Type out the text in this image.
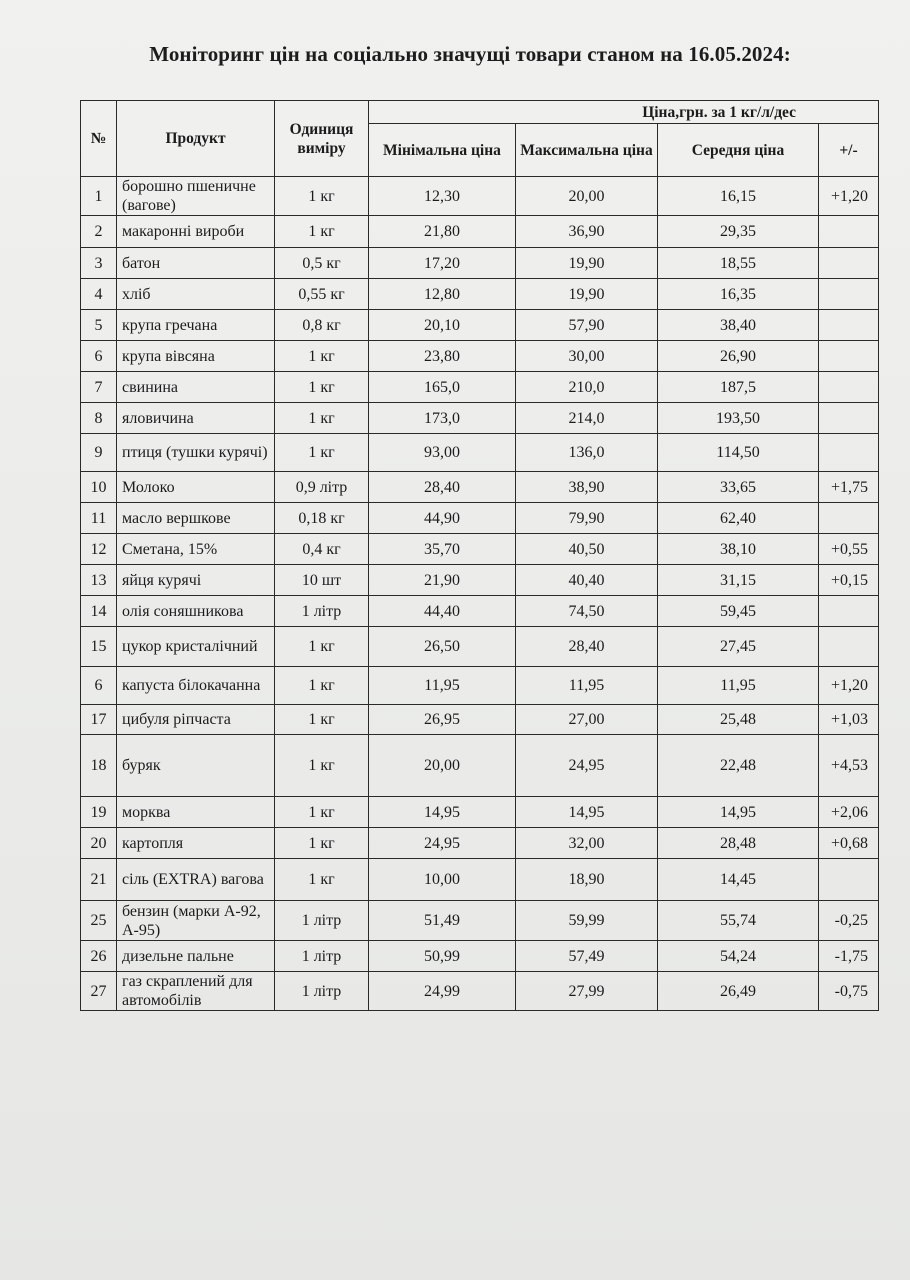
Моніторинг цін на соціально значущі товари станом на 16.05.2024:
№	Продукт	Одиниця виміру	Ціна,грн. за 1 кг/л/дес			
			Мінімальна ціна	Максимальна ціна	Середня ціна	+/-
1	борошно пшеничне (вагове)	1 кг	12,30	20,00	16,15	+1,20
2	макаронні вироби	1 кг	21,80	36,90	29,35	
3	батон	0,5 кг	17,20	19,90	18,55	
4	хліб	0,55 кг	12,80	19,90	16,35	
5	крупа гречана	0,8 кг	20,10	57,90	38,40	
6	крупа вівсяна	1 кг	23,80	30,00	26,90	
7	свинина	1 кг	165,0	210,0	187,5	
8	яловичина	1 кг	173,0	214,0	193,50	
9	птиця (тушки курячі)	1 кг	93,00	136,0	114,50	
10	Молоко	0,9 літр	28,40	38,90	33,65	+1,75
11	масло вершкове	0,18 кг	44,90	79,90	62,40	
12	Сметана, 15%	0,4 кг	35,70	40,50	38,10	+0,55
13	яйця курячі	10 шт	21,90	40,40	31,15	+0,15
14	олія соняшникова	1 літр	44,40	74,50	59,45	
15	цукор кристалічний	1 кг	26,50	28,40	27,45	
6	капуста білокачанна	1 кг	11,95	11,95	11,95	+1,20
17	цибуля ріпчаста	1 кг	26,95	27,00	25,48	+1,03
18	буряк	1 кг	20,00	24,95	22,48	+4,53
19	морква	1 кг	14,95	14,95	14,95	+2,06
20	картопля	1 кг	24,95	32,00	28,48	+0,68
21	сіль (EXTRA) вагова	1 кг	10,00	18,90	14,45	
25	бензин (марки А-92, А-95)	1 літр	51,49	59,99	55,74	-0,25
26	дизельне пальне	1 літр	50,99	57,49	54,24	-1,75
27	газ скраплений для автомобілів	1 літр	24,99	27,99	26,49	-0,75
